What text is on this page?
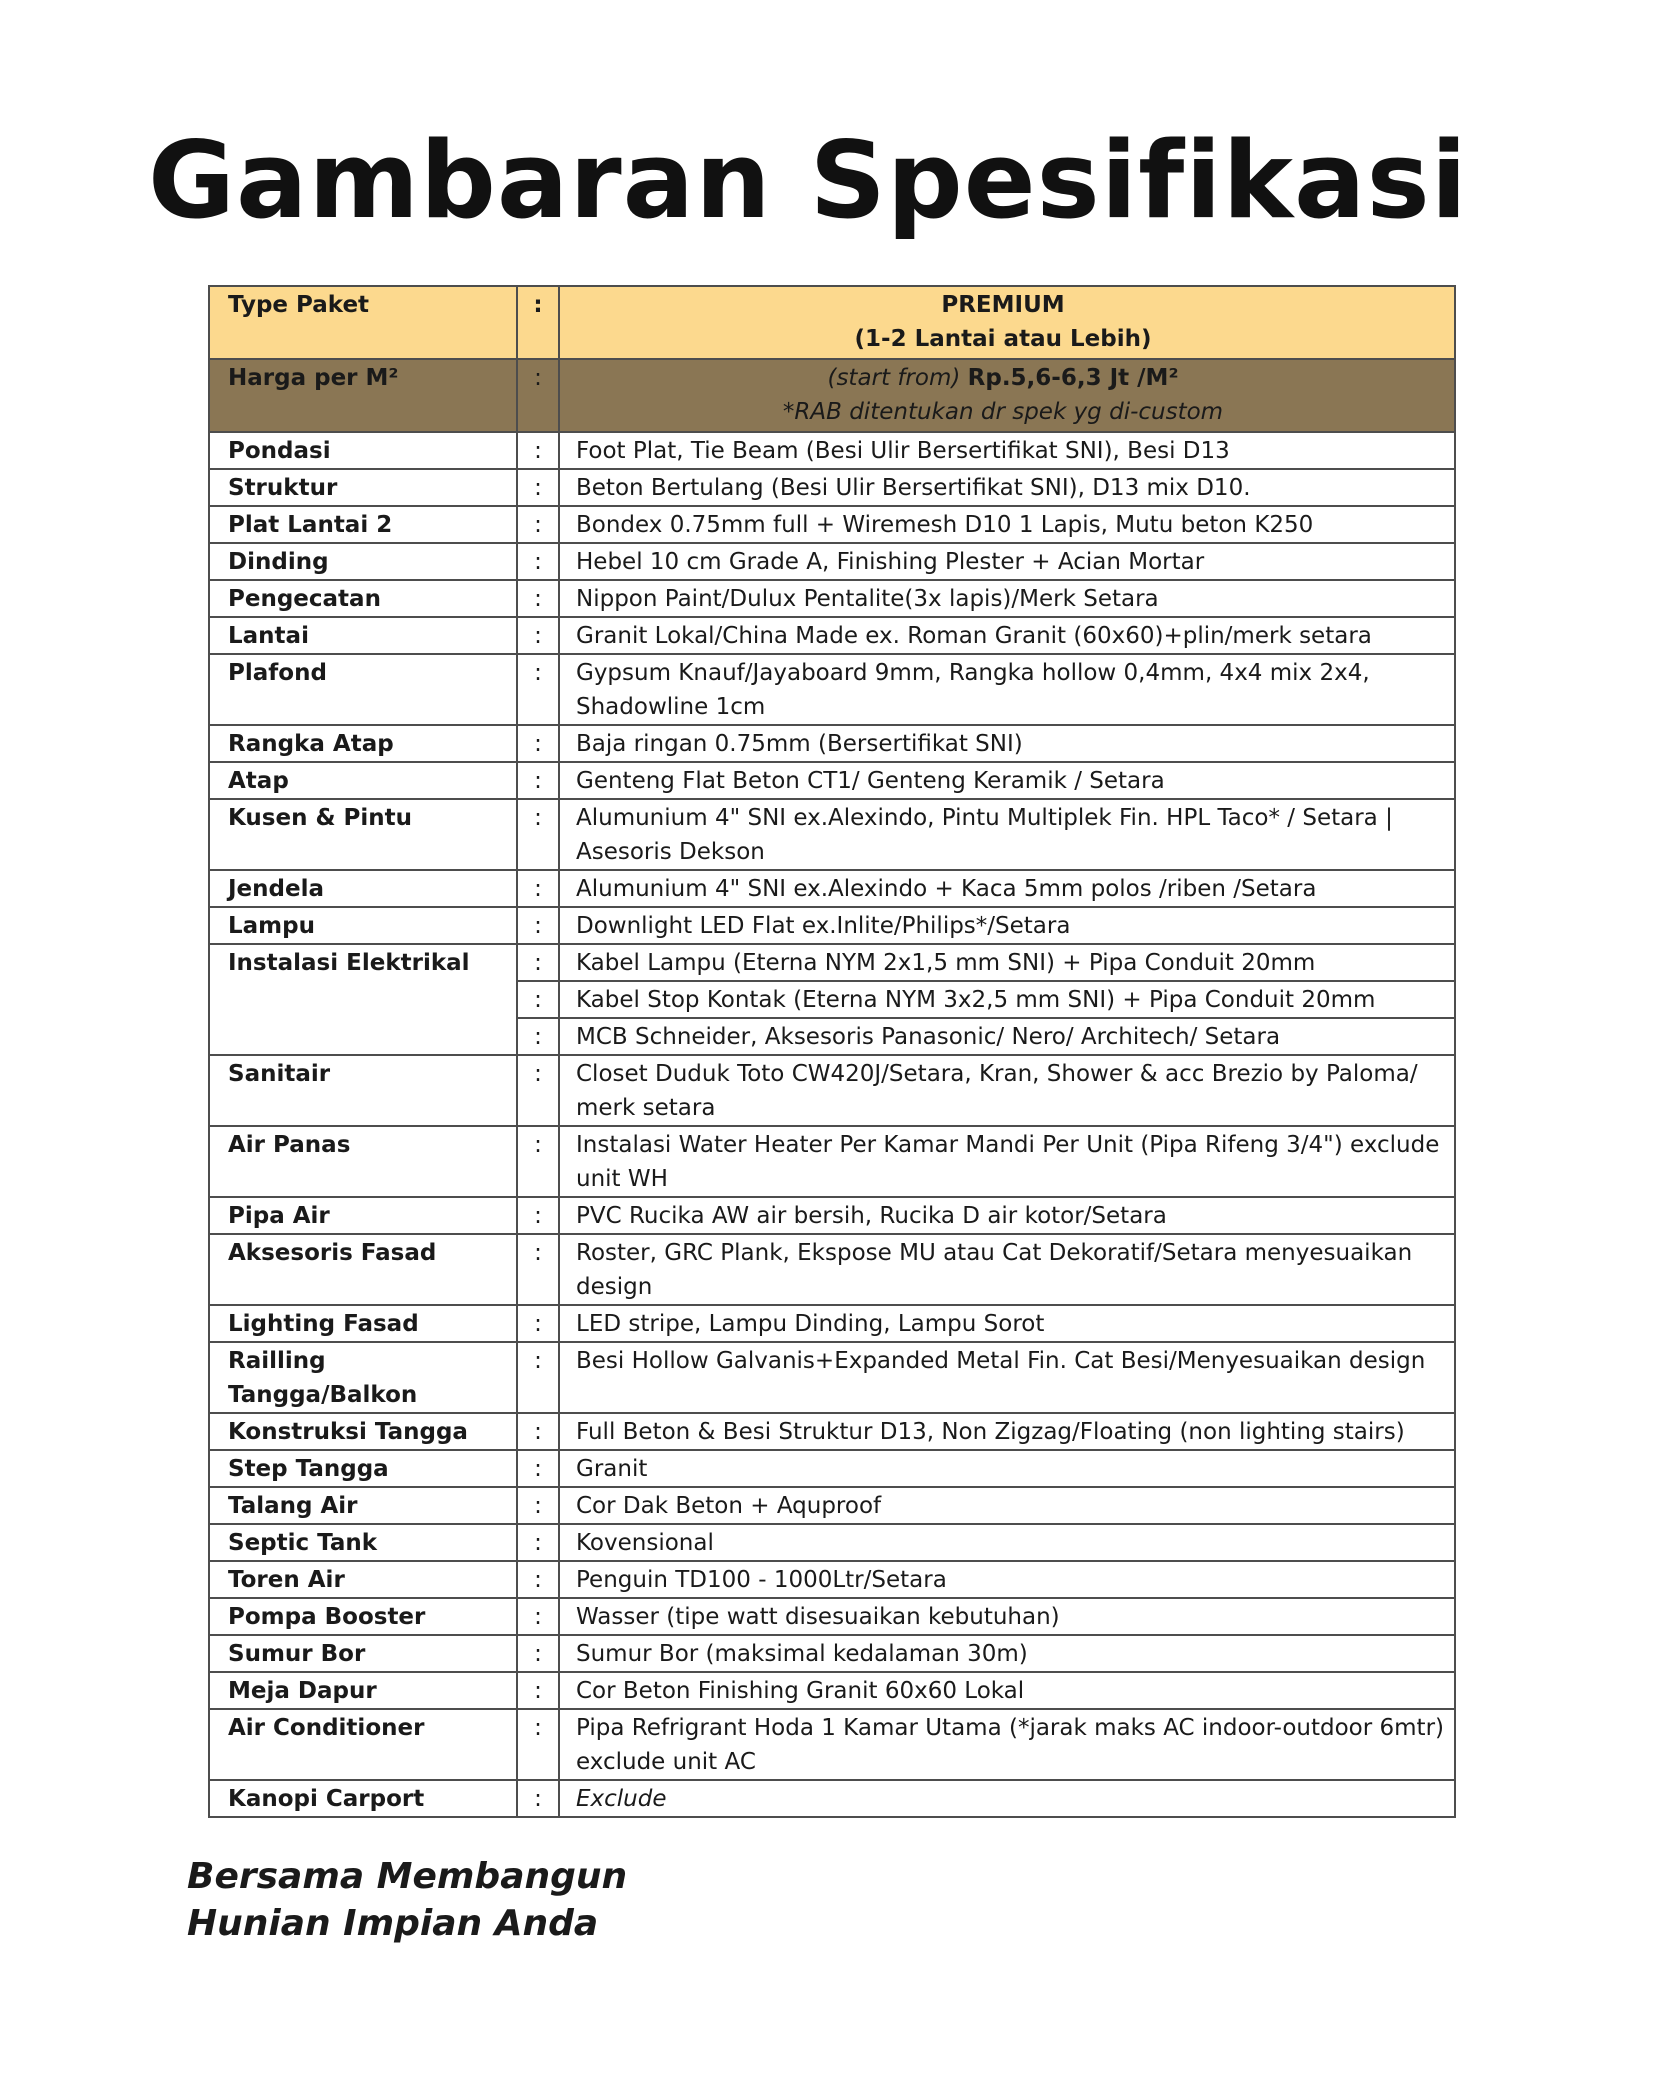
Gambaran Spesifikasi
Type Paket	:	PREMIUM
(1-2 Lantai atau Lebih)

Harga per M²	:	(start from) Rp.5,6-6,3 Jt /M²
*RAB ditentukan dr spek yg di-custom

Pondasi	:	Foot Plat, Tie Beam (Besi Ulir Bersertifikat SNI), Besi D13
Struktur	:	Beton Bertulang (Besi Ulir Bersertifikat SNI), D13 mix D10.
Plat Lantai 2	:	Bondex 0.75mm full + Wiremesh D10 1 Lapis, Mutu beton K250
Dinding	:	Hebel 10 cm Grade A, Finishing Plester + Acian Mortar
Pengecatan	:	Nippon Paint/Dulux Pentalite(3x lapis)/Merk Setara
Lantai	:	Granit Lokal/China Made ex. Roman Granit (60x60)+plin/merk setara
Plafond	:	Gypsum Knauf/Jayaboard 9mm, Rangka hollow 0,4mm, 4x4 mix 2x4, Shadowline 1cm
Rangka Atap	:	Baja ringan 0.75mm (Bersertifikat SNI)
Atap	:	Genteng Flat Beton CT1/ Genteng Keramik / Setara
Kusen & Pintu	:	Alumunium 4" SNI ex.Alexindo, Pintu Multiplek Fin. HPL Taco* / Setara | Asesoris Dekson
Jendela	:	Alumunium 4" SNI ex.Alexindo + Kaca 5mm polos /riben /Setara
Lampu	:	Downlight LED Flat ex.Inlite/Philips*/Setara
Instalasi Elektrikal	:	Kabel Lampu (Eterna NYM 2x1,5 mm SNI) + Pipa Conduit 20mm
	:	Kabel Stop Kontak (Eterna NYM 3x2,5 mm SNI) + Pipa Conduit 20mm
	:	MCB Schneider, Aksesoris Panasonic/ Nero/ Architech/ Setara
Sanitair	:	Closet Duduk Toto CW420J/Setara, Kran, Shower & acc Brezio by Paloma/ merk setara
Air Panas	:	Instalasi Water Heater Per Kamar Mandi Per Unit (Pipa Rifeng 3/4") exclude unit WH
Pipa Air	:	PVC Rucika AW air bersih, Rucika D air kotor/Setara
Aksesoris Fasad	:	Roster, GRC Plank, Ekspose MU atau Cat Dekoratif/Setara menyesuaikan design
Lighting Fasad	:	LED stripe, Lampu Dinding, Lampu Sorot
Railling Tangga/Balkon	:	Besi Hollow Galvanis+Expanded Metal Fin. Cat Besi/Menyesuaikan design
Konstruksi Tangga	:	Full Beton & Besi Struktur D13, Non Zigzag/Floating (non lighting stairs)
Step Tangga	:	Granit
Talang Air	:	Cor Dak Beton + Aquproof
Septic Tank	:	Kovensional
Toren Air	:	Penguin TD100 - 1000Ltr/Setara
Pompa Booster	:	Wasser (tipe watt disesuaikan kebutuhan)
Sumur Bor	:	Sumur Bor (maksimal kedalaman 30m)
Meja Dapur	:	Cor Beton Finishing Granit 60x60 Lokal
Air Conditioner	:	Pipa Refrigrant Hoda 1 Kamar Utama (*jarak maks AC indoor-outdoor 6mtr) exclude unit AC
Kanopi Carport	:	Exclude
Bersama Membangun
Hunian Impian Anda
